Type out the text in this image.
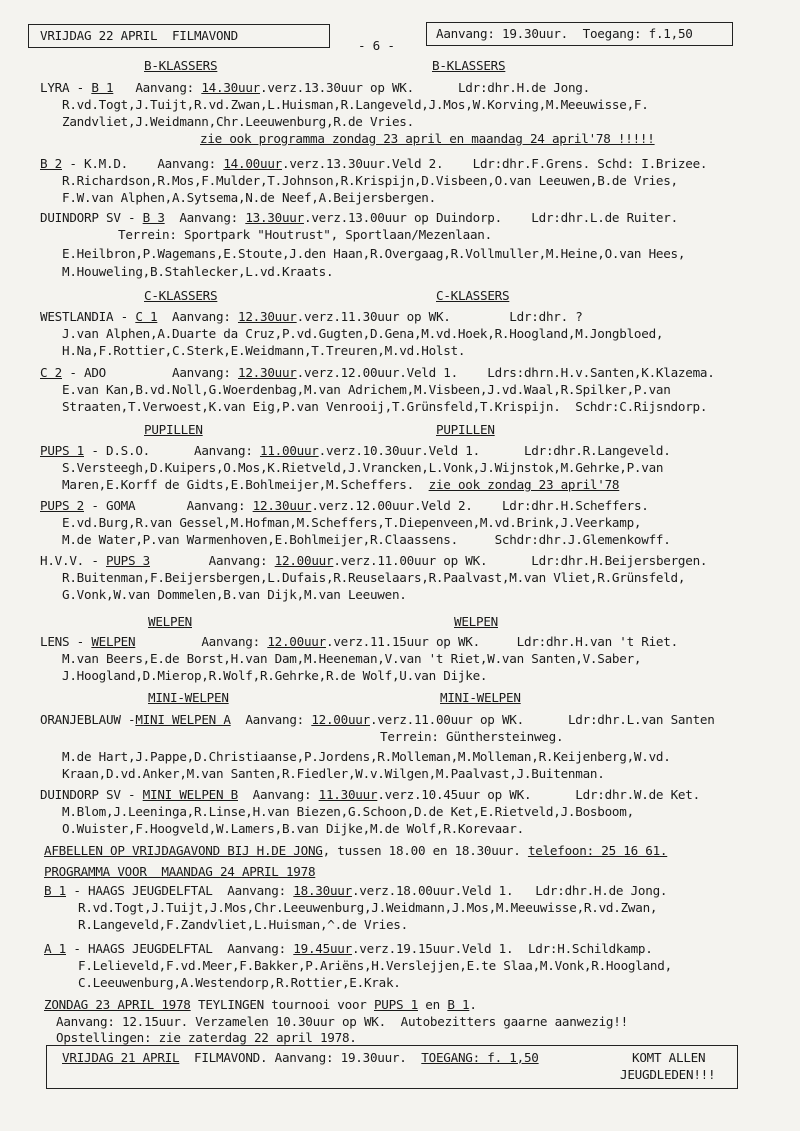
VRIJDAG 22 APRIL  FILMAVOND
- 6 -
Aanvang: 19.30uur.  Toegang: f.1,50
B-KLASSERS	B-KLASSERS
LYRA - B 1   Aanvang: 14.30uur.verz.13.30uur op WK.      Ldr:dhr.H.de Jong.
R.vd.Togt,J.Tuijt,R.vd.Zwan,L.Huisman,R.Langeveld,J.Mos,W.Korving,M.Meeuwisse,F.
Zandvliet,J.Weidmann,Chr.Leeuwenburg,R.de Vries.
zie ook programma zondag 23 april en maandag 24 april'78 !!!!!
B 2 - K.M.D.    Aanvang: 14.00uur.verz.13.30uur.Veld 2.    Ldr:dhr.F.Grens. Schd: I.Brizee.
R.Richardson,R.Mos,F.Mulder,T.Johnson,R.Krispijn,D.Visbeen,O.van Leeuwen,B.de Vries,
F.W.van Alphen,A.Sytsema,N.de Neef,A.Beijersbergen.
DUINDORP SV - B 3  Aanvang: 13.30uur.verz.13.00uur op Duindorp.    Ldr:dhr.L.de Ruiter.
Terrein: Sportpark "Houtrust", Sportlaan/Mezenlaan.
E.Heilbron,P.Wagemans,E.Stoute,J.den Haan,R.Overgaag,R.Vollmuller,M.Heine,O.van Hees,
M.Houweling,B.Stahlecker,L.vd.Kraats.
C-KLASSERS	C-KLASSERS
WESTLANDIA - C 1  Aanvang: 12.30uur.verz.11.30uur op WK.        Ldr:dhr. ?
J.van Alphen,A.Duarte da Cruz,P.vd.Gugten,D.Gena,M.vd.Hoek,R.Hoogland,M.Jongbloed,
H.Na,F.Rottier,C.Sterk,E.Weidmann,T.Treuren,M.vd.Holst.
C 2 - ADO         Aanvang: 12.30uur.verz.12.00uur.Veld 1.    Ldrs:dhrn.H.v.Santen,K.Klazema.
E.van Kan,B.vd.Noll,G.Woerdenbag,M.van Adrichem,M.Visbeen,J.vd.Waal,R.Spilker,P.van
Straaten,T.Verwoest,K.van Eig,P.van Venrooij,T.Grünsfeld,T.Krispijn.  Schdr:C.Rijsndorp.
PUPILLEN	PUPILLEN
PUPS 1 - D.S.O.      Aanvang: 11.00uur.verz.10.30uur.Veld 1.      Ldr:dhr.R.Langeveld.
S.Versteegh,D.Kuipers,O.Mos,K.Rietveld,J.Vrancken,L.Vonk,J.Wijnstok,M.Gehrke,P.van
Maren,E.Korff de Gidts,E.Bohlmeijer,M.Scheffers. zie ook zondag 23 april'78
PUPS 2 - GOMA       Aanvang: 12.30uur.verz.12.00uur.Veld 2.    Ldr:dhr.H.Scheffers.
E.vd.Burg,R.van Gessel,M.Hofman,M.Scheffers,T.Diepenveen,M.vd.Brink,J.Veerkamp,
M.de Water,P.van Warmenhoven,E.Bohlmeijer,R.Claassens.     Schdr:dhr.J.Glemenkowff.
H.V.V. - PUPS 3        Aanvang: 12.00uur.verz.11.00uur op WK.      Ldr:dhr.H.Beijersbergen.
R.Buitenman,F.Beijersbergen,L.Dufais,R.Reuselaars,R.Paalvast,M.van Vliet,R.Grünsfeld,
G.Vonk,W.van Dommelen,B.van Dijk,M.van Leeuwen.
WELPEN	WELPEN
LENS - WELPEN         Aanvang: 12.00uur.verz.11.15uur op WK.     Ldr:dhr.H.van 't Riet.
M.van Beers,E.de Borst,H.van Dam,M.Heeneman,V.van 't Riet,W.van Santen,V.Saber,
J.Hoogland,D.Mierop,R.Wolf,R.Gehrke,R.de Wolf,U.van Dijke.
MINI-WELPEN	MINI-WELPEN
ORANJEBLAUW -MINI WELPEN A  Aanvang: 12.00uur.verz.11.00uur op WK.      Ldr:dhr.L.van Santen
Terrein: Günthersteinweg.
M.de Hart,J.Pappe,D.Christiaanse,P.Jordens,R.Molleman,M.Molleman,R.Keijenberg,W.vd.
Kraan,D.vd.Anker,M.van Santen,R.Fiedler,W.v.Wilgen,M.Paalvast,J.Buitenman.
DUINDORP SV - MINI WELPEN B  Aanvang: 11.30uur.verz.10.45uur op WK.      Ldr:dhr.W.de Ket.
M.Blom,J.Leeninga,R.Linse,H.van Biezen,G.Schoon,D.de Ket,E.Rietveld,J.Bosboom,
O.Wuister,F.Hoogveld,W.Lamers,B.van Dijke,M.de Wolf,R.Korevaar.
AFBELLEN OP VRIJDAGAVOND BIJ H.DE JONG, tussen 18.00 en 18.30uur. telefoon: 25 16 61.
PROGRAMMA VOOR  MAANDAG 24 APRIL 1978
B 1 - HAAGS JEUGDELFTAL  Aanvang: 18.30uur.verz.18.00uur.Veld 1.   Ldr:dhr.H.de Jong.
R.vd.Togt,J.Tuijt,J.Mos,Chr.Leeuwenburg,J.Weidmann,J.Mos,M.Meeuwisse,R.vd.Zwan,
R.Langeveld,F.Zandvliet,L.Huisman,^.de Vries.
A 1 - HAAGS JEUGDELFTAL  Aanvang: 19.45uur.verz.19.15uur.Veld 1.  Ldr:H.Schildkamp.
F.Lelieveld,F.vd.Meer,F.Bakker,P.Ariëns,H.Verslejjen,E.te Slaa,M.Vonk,R.Hoogland,
C.Leeuwenburg,A.Westendorp,R.Rottier,E.Krak.
ZONDAG 23 APRIL 1978 TEYLINGEN tournooi voor PUPS 1 en B 1.
Aanvang: 12.15uur. Verzamelen 10.30uur op WK.  Autobezitters gaarne aanwezig!!
Opstellingen: zie zaterdag 22 april 1978.
VRIJDAG 21 APRIL  FILMAVOND. Aanvang: 19.30uur.  TOEGANG: f. 1,50	KOMT ALLEN
JEUGDLEDEN!!!
